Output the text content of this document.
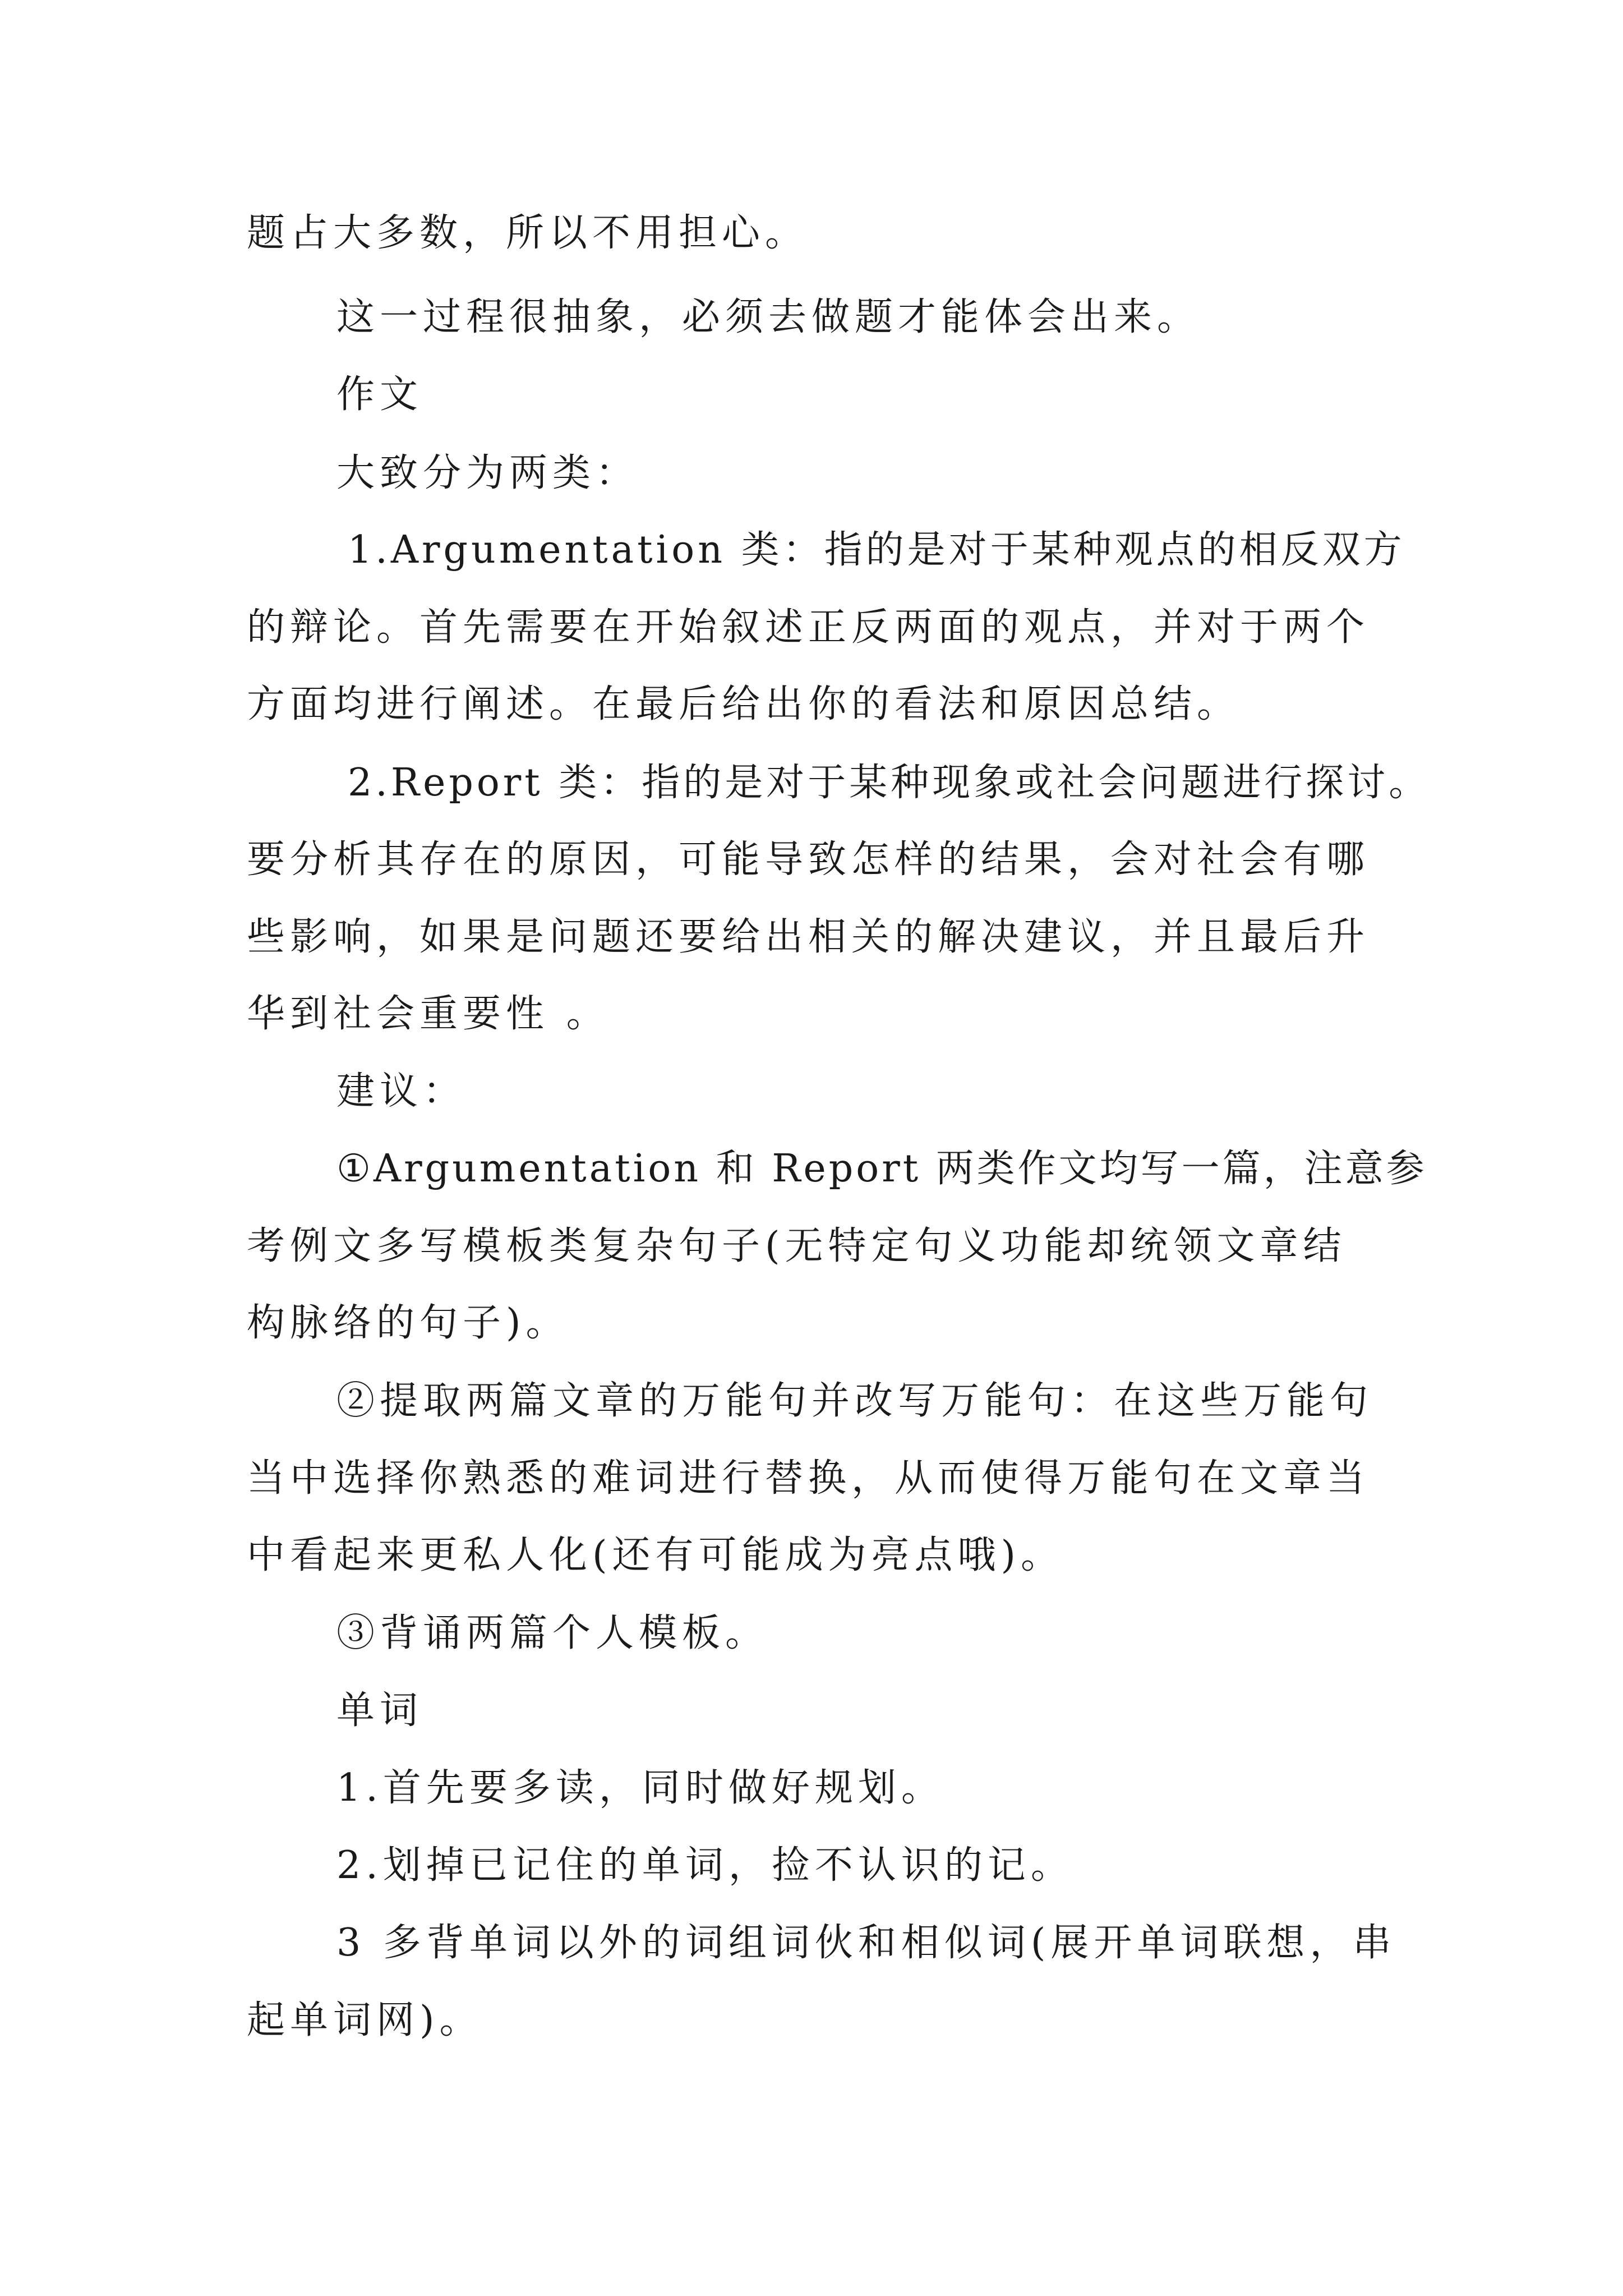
题占大多数，所以不用担心。
这一过程很抽象，必须去做题才能体会出来。
作文
大致分为两类：
1.Argumentation 类：指的是对于某种观点的相反双方
的辩论。首先需要在开始叙述正反两面的观点，并对于两个
方面均进行阐述。在最后给出你的看法和原因总结。
2.Report 类：指的是对于某种现象或社会问题进行探讨。
要分析其存在的原因，可能导致怎样的结果，会对社会有哪
些影响，如果是问题还要给出相关的解决建议，并且最后升
华到社会重要性 。
建议：
①Argumentation 和 Report 两类作文均写一篇，注意参
考例文多写模板类复杂句子(无特定句义功能却统领文章结
构脉络的句子)。
②提取两篇文章的万能句并改写万能句：在这些万能句
当中选择你熟悉的难词进行替换，从而使得万能句在文章当
中看起来更私人化(还有可能成为亮点哦)。
③背诵两篇个人模板。
单词
1.首先要多读，同时做好规划。
2.划掉已记住的单词，捡不认识的记。
3 多背单词以外的词组词伙和相似词(展开单词联想，串
起单词网)。
